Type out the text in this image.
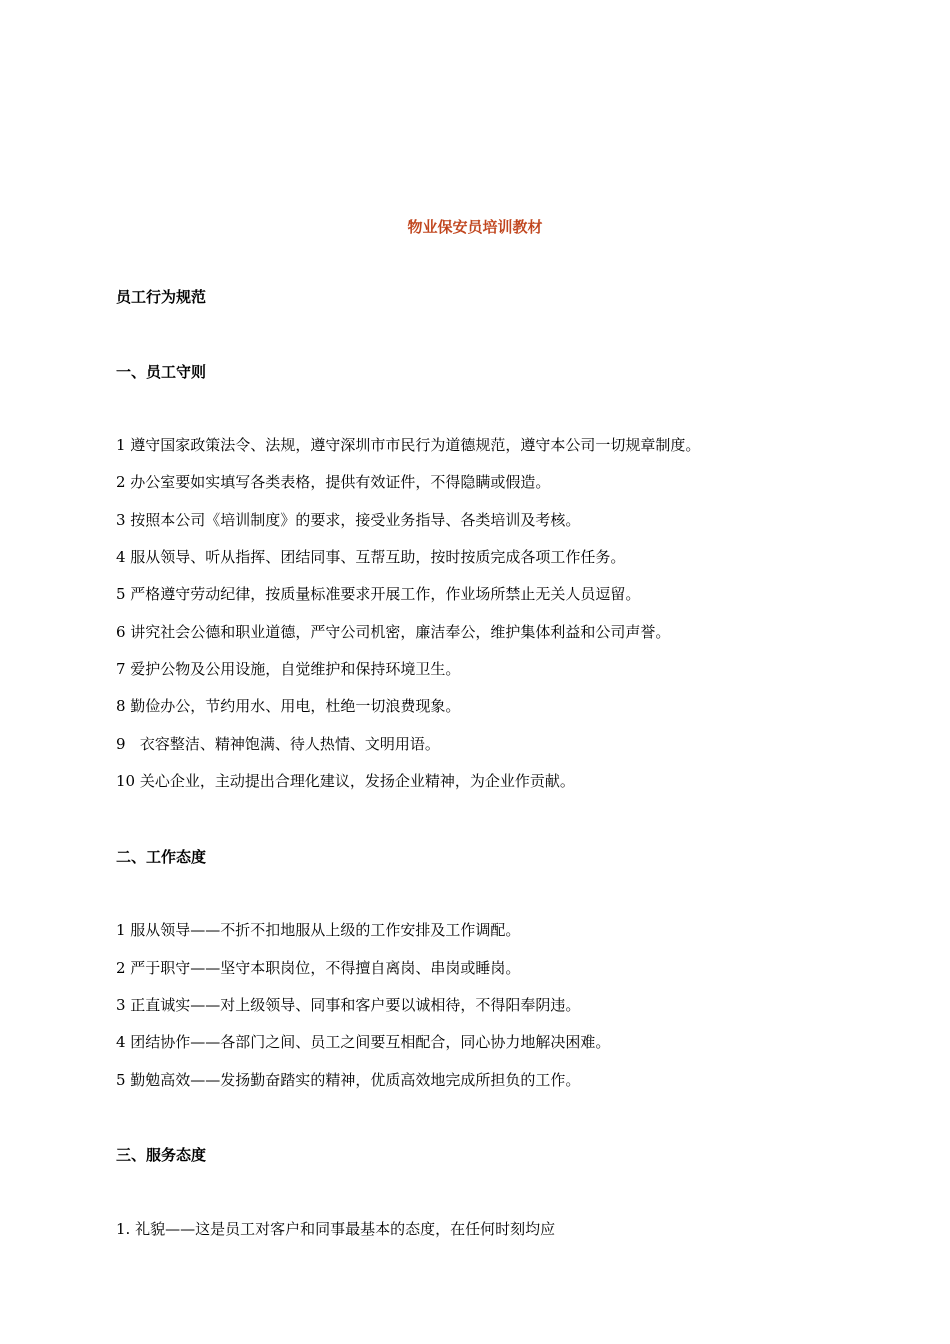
物业保安员培训教材
员工行为规范
一、员工守则
1 遵守国家政策法令、法规，遵守深圳市市民行为道德规范，遵守本公司一切规章制度。
2 办公室要如实填写各类表格，提供有效证件，不得隐瞒或假造。
3 按照本公司《培训制度》的要求，接受业务指导、各类培训及考核。
4 服从领导、听从指挥、团结同事、互帮互助，按时按质完成各项工作任务。
5 严格遵守劳动纪律，按质量标准要求开展工作，作业场所禁止无关人员逗留。
6 讲究社会公德和职业道德，严守公司机密，廉洁奉公，维护集体利益和公司声誉。
7 爱护公物及公用设施，自觉维护和保持环境卫生。
8 勤俭办公，节约用水、用电，杜绝一切浪费现象。
9   衣容整洁、精神饱满、待人热情、文明用语。
10 关心企业，主动提出合理化建议，发扬企业精神，为企业作贡献。
二、工作态度
1 服从领导——不折不扣地服从上级的工作安排及工作调配。
2 严于职守——坚守本职岗位，不得擅自离岗、串岗或睡岗。
3 正直诚实——对上级领导、同事和客户要以诚相待，不得阳奉阴违。
4 团结协作——各部门之间、员工之间要互相配合，同心协力地解决困难。
5 勤勉高效——发扬勤奋踏实的精神，优质高效地完成所担负的工作。
三、服务态度
1. 礼貌——这是员工对客户和同事最基本的态度，在任何时刻均应
